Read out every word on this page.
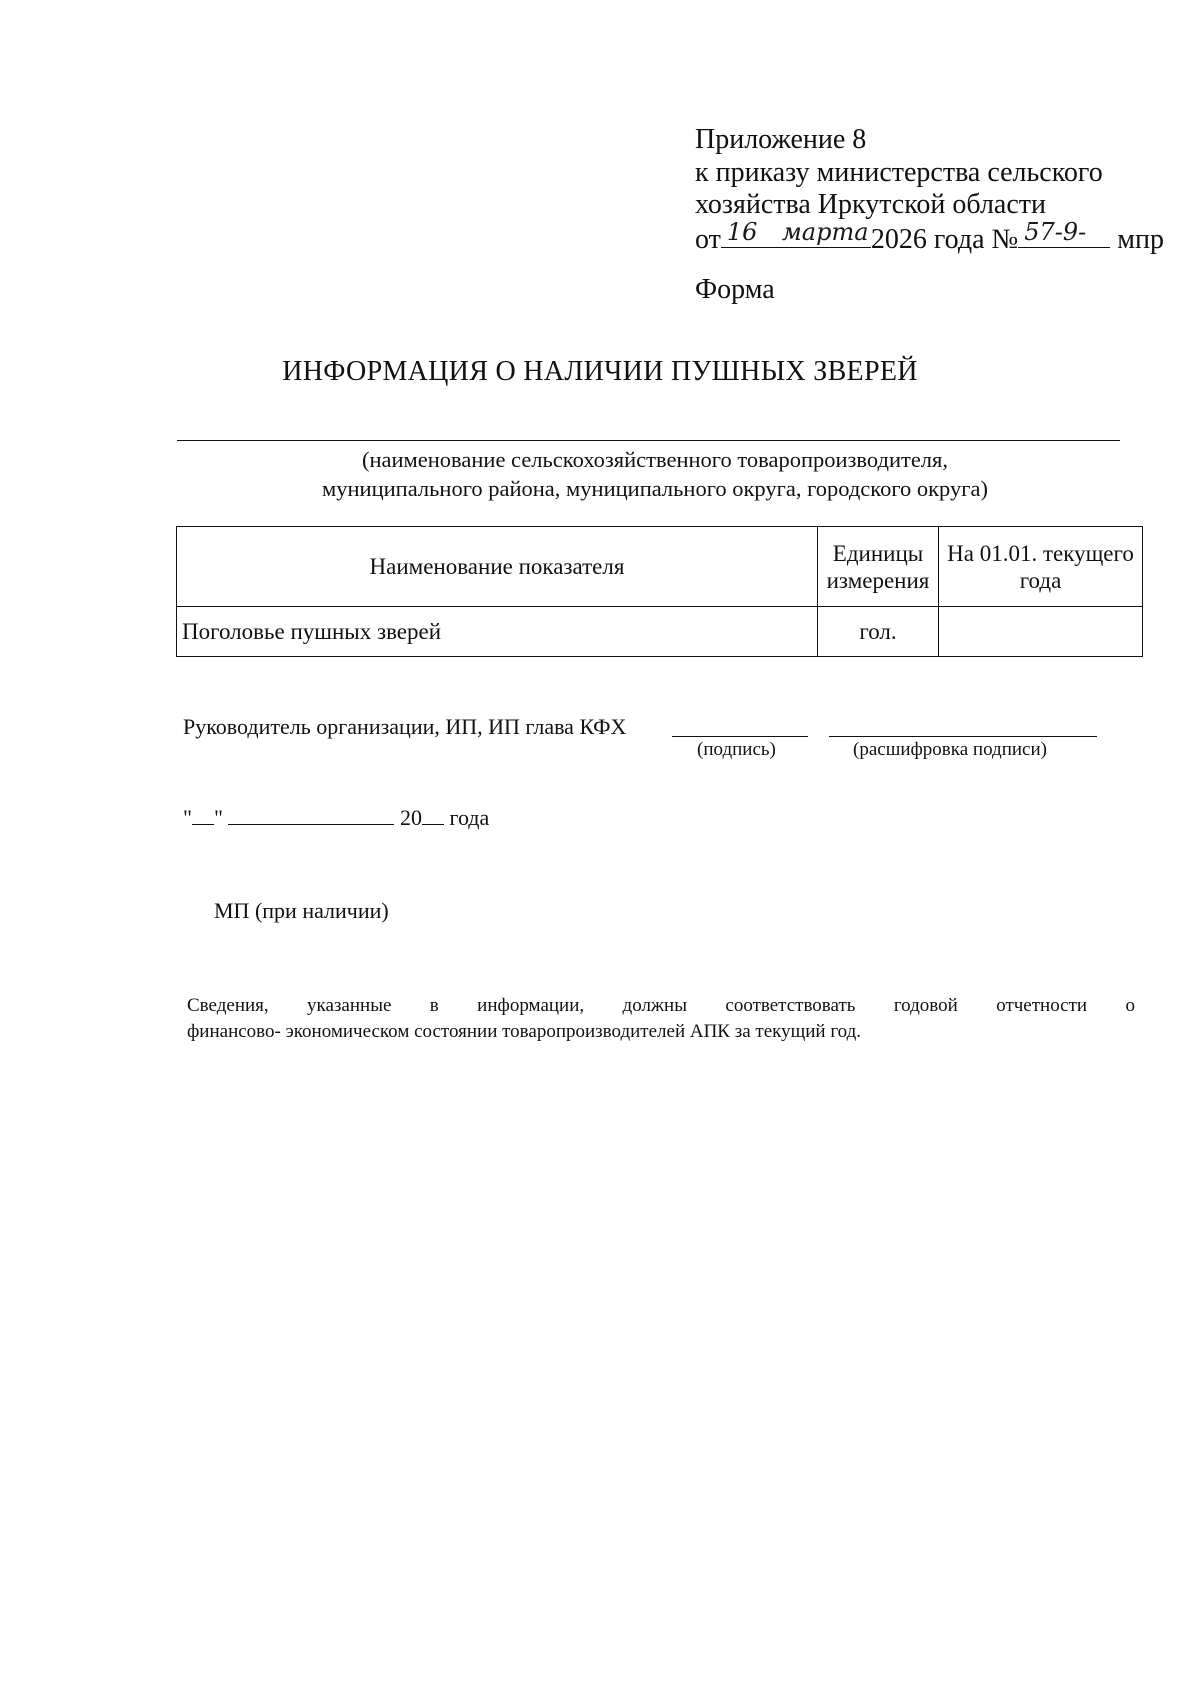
Приложение 8
к приказу министерства сельского
хозяйства Иркутской области
от 16 марта 2026 года № 57-9- мпр
Форма
ИНФОРМАЦИЯ О НАЛИЧИИ ПУШНЫХ ЗВЕРЕЙ
(наименование сельскохозяйственного товаропроизводителя,
муниципального района, муниципального округа, городского округа)
Наименование показателя	Единицы измерения	На 01.01. текущего года
Поголовье пушных зверей	гол.	
Руководитель организации, ИП, ИП глава КФХ
(подпись)	(расшифровка подписи)
" "	20 года
МП (при наличии)
Сведения, указанные в информации, должны соответствовать годовой отчетности о
финансово- экономическом состоянии товаропроизводителей АПК за текущий год.
